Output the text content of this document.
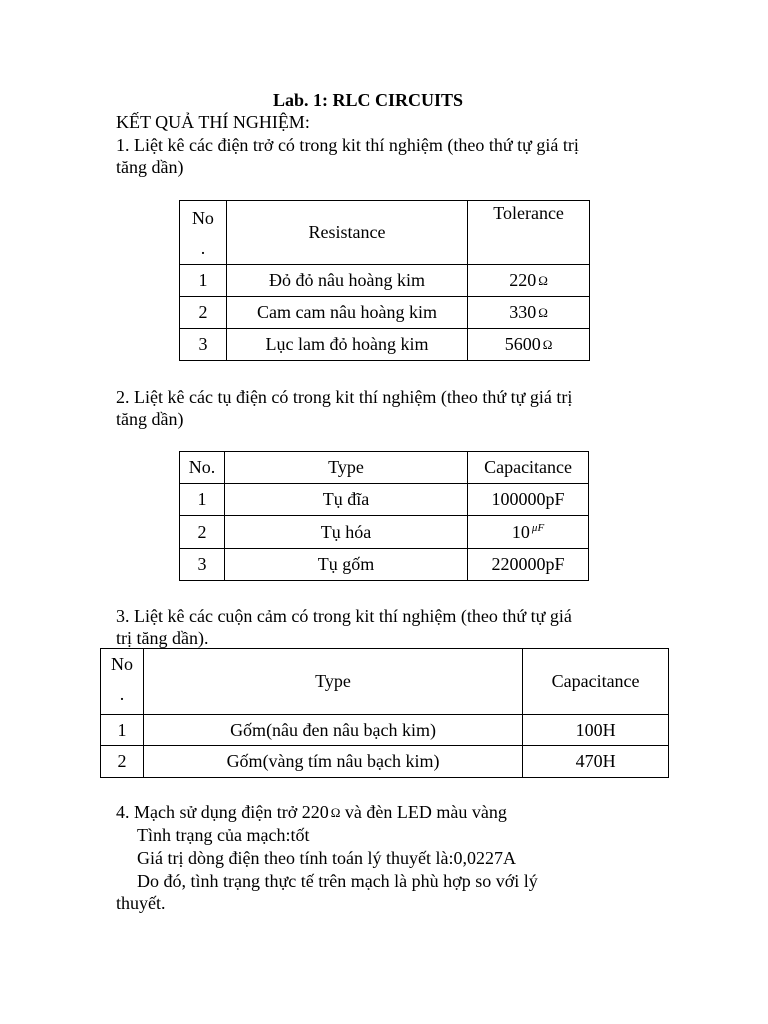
Lab. 1: RLC CIRCUITS
KẾT QUẢ THÍ NGHIỆM:
1. Liệt kê các điện trở có trong kit thí nghiệm (theo thứ tự giá trị
tăng dần)
No
.	Resistance	Tolerance
1	Đỏ đỏ nâu hoàng kim	220 Ω
2	Cam cam nâu hoàng kim	330 Ω
3	Lục lam đỏ hoàng kim	5600 Ω
2. Liệt kê các tụ điện có trong kit thí nghiệm (theo thứ tự giá trị
tăng dần)
No.	Type	Capacitance
1	Tụ đĩa	100000pF
2	Tụ hóa	10 $^{\mu F}$
3	Tụ gốm	220000pF
3. Liệt kê các cuộn cảm có trong kit thí nghiệm (theo thứ tự giá
trị tăng dần).
No
.	Type	Capacitance
1	Gốm(nâu đen nâu bạch kim)	100H
2	Gốm(vàng tím nâu bạch kim)	470H
4. Mạch sử dụng điện trở 220 Ω và đèn LED màu vàng
Tình trạng của mạch:tốt
Giá trị dòng điện theo tính toán lý thuyết là:0,0227A
Do đó, tình trạng thực tế trên mạch là phù hợp so với lý
thuyết.
